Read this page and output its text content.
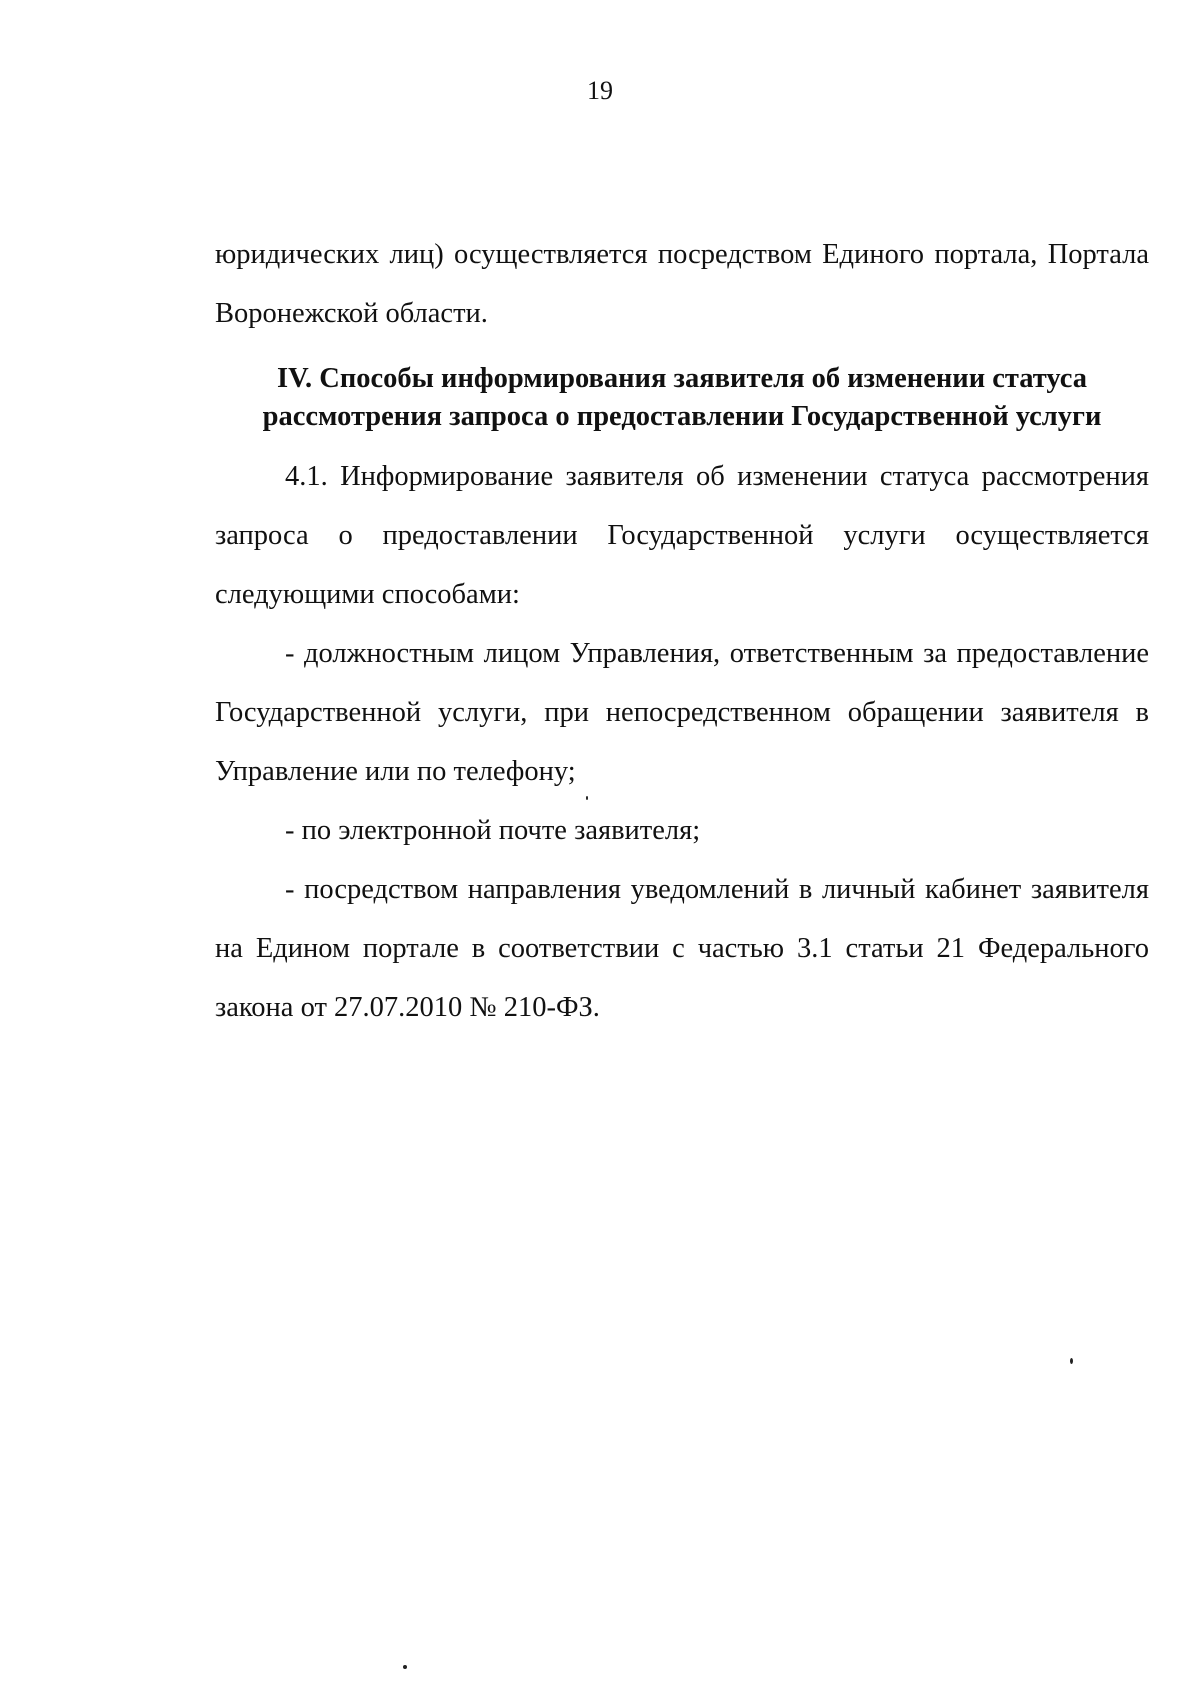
19

юридических лиц) осуществляется посредством Единого портала, Портала Воронежской области.

IV. Способы информирования заявителя об изменении статуса

рассмотрения запроса о предоставлении Государственной услуги

4.1. Информирование заявителя об изменении статуса рассмотрения запроса о предоставлении Государственной услуги осуществляется следующими способами:

- должностным лицом Управления, ответственным за предоставление Государственной услуги, при непосредственном обращении заявителя в Управление или по телефону;

- по электронной почте заявителя;

- посредством направления уведомлений в личный кабинет заявителя на Едином портале в соответствии с частью 3.1 статьи 21 Федерального закона от 27.07.2010 № 210-ФЗ.
